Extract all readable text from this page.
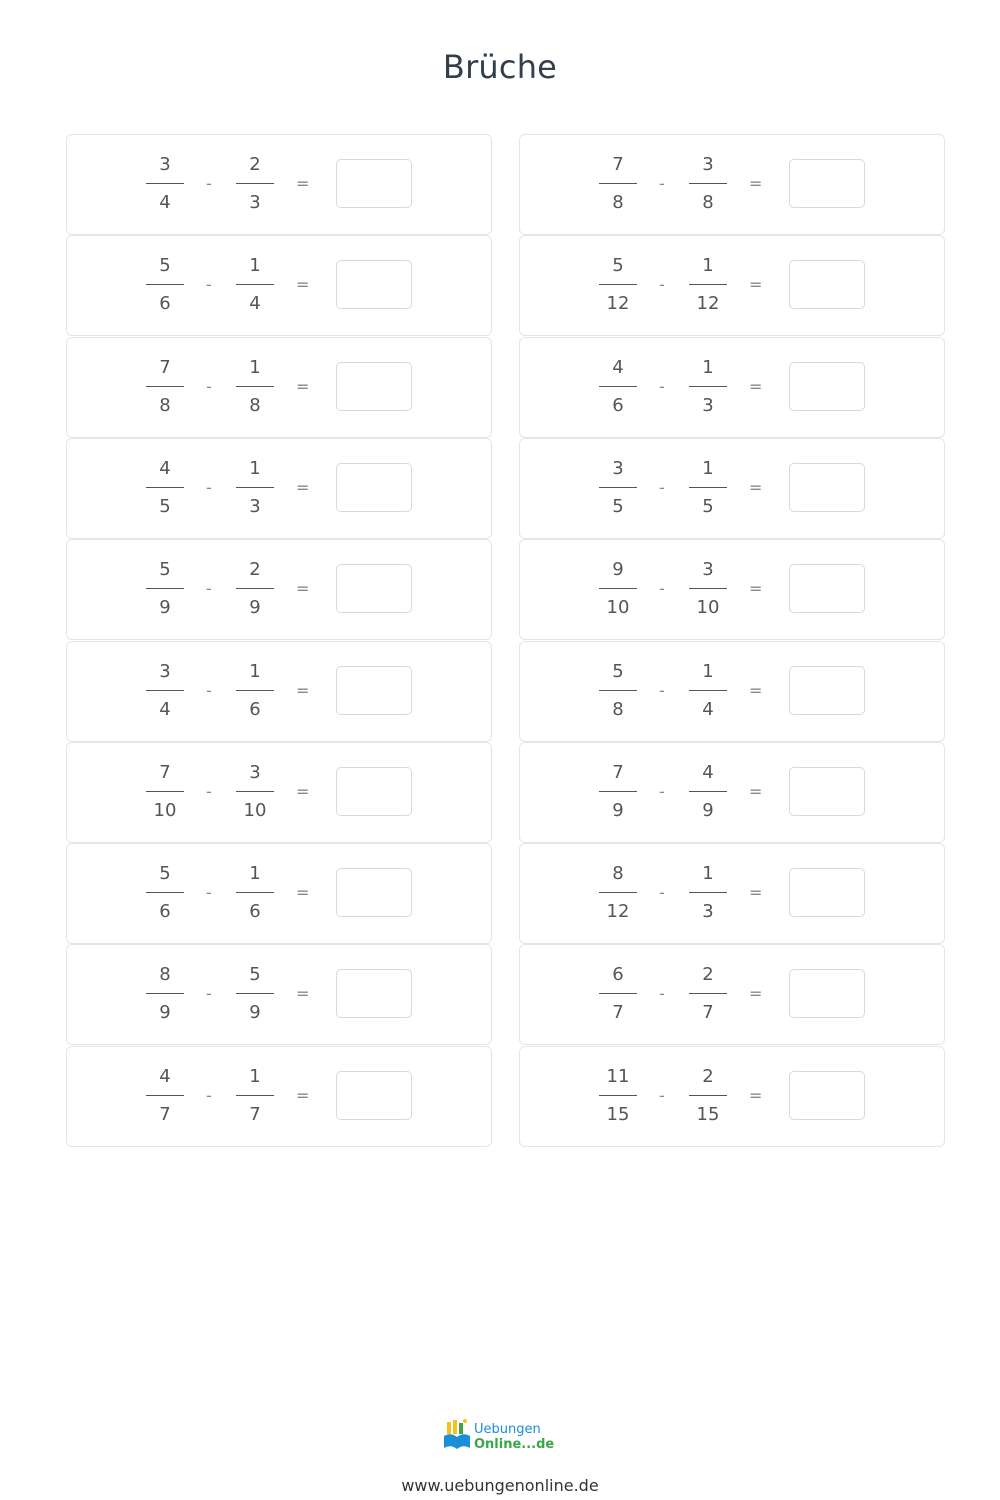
Brüche
3
4
-
2
3
=
5
6
-
1
4
=
7
8
-
1
8
=
4
5
-
1
3
=
5
9
-
2
9
=
3
4
-
1
6
=
7
10
-
3
10
=
5
6
-
1
6
=
8
9
-
5
9
=
4
7
-
1
7
=
7
8
-
3
8
=
5
12
-
1
12
=
4
6
-
1
3
=
3
5
-
1
5
=
9
10
-
3
10
=
5
8
-
1
4
=
7
9
-
4
9
=
8
12
-
1
3
=
6
7
-
2
7
=
11
15
-
2
15
=
Uebungen
Online...de
www.uebungenonline.de
